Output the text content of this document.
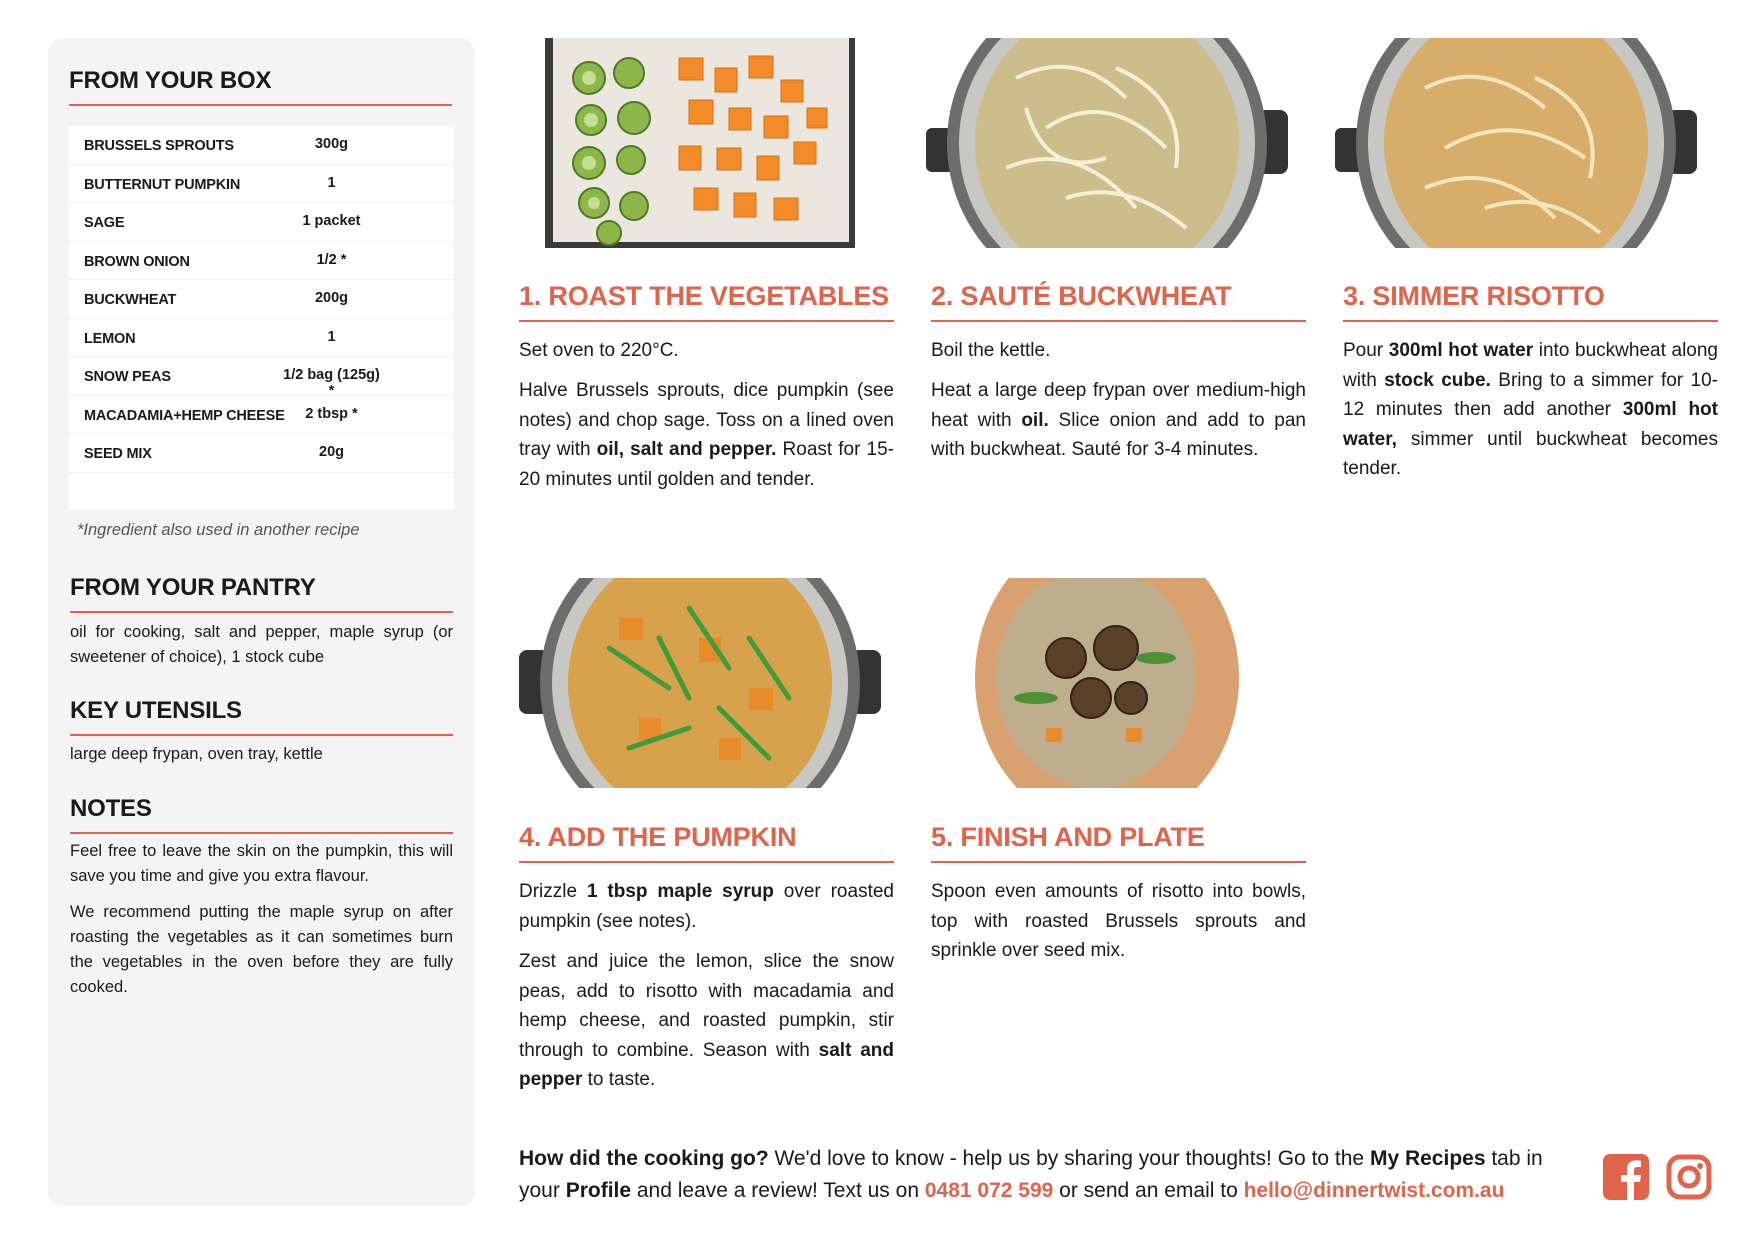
FROM YOUR BOX
BRUSSELS SPROUTS	300g
BUTTERNUT PUMPKIN	1
SAGE	1 packet
BROWN ONION	1/2 *
BUCKWHEAT	200g
LEMON	1
SNOW PEAS	1/2 bag (125g) *
MACADAMIA+HEMP CHEESE	2 tbsp *
SEED MIX	20g
*Ingredient also used in another recipe
FROM YOUR PANTRY

oil for cooking, salt and pepper, maple syrup (or sweetener of choice), 1 stock cube

KEY UTENSILS

large deep frypan, oven tray, kettle

NOTES

Feel free to leave the skin on the pumpkin, this will save you time and give you extra flavour.

We recommend putting the maple syrup on after roasting the vegetables as it can sometimes burn the vegetables in the oven before they are fully cooked.

1. ROAST THE VEGETABLES

Set oven to 220°C.

Halve Brussels sprouts, dice pumpkin (see notes) and chop sage. Toss on a lined oven tray with oil, salt and pepper. Roast for 15-20 minutes until golden and tender.

2. SAUTÉ BUCKWHEAT

Boil the kettle.

Heat a large deep frypan over medium-high heat with oil. Slice onion and add to pan with buckwheat. Sauté for 3-4 minutes.

3. SIMMER RISOTTO

Pour 300ml hot water into buckwheat along with stock cube. Bring to a simmer for 10-12 minutes then add another 300ml hot water, simmer until buckwheat becomes tender.

4. ADD THE PUMPKIN

Drizzle 1 tbsp maple syrup over roasted pumpkin (see notes).

Zest and juice the lemon, slice the snow peas, add to risotto with macadamia and hemp cheese, and roasted pumpkin, stir through to combine. Season with salt and pepper to taste.

5. FINISH AND PLATE

Spoon even amounts of risotto into bowls, top with roasted Brussels sprouts and sprinkle over seed mix.

How did the cooking go? We'd love to know - help us by sharing your thoughts! Go to the My Recipes tab in your Profile and leave a review! Text us on 0481 072 599 or send an email to hello@dinnertwist.com.au
